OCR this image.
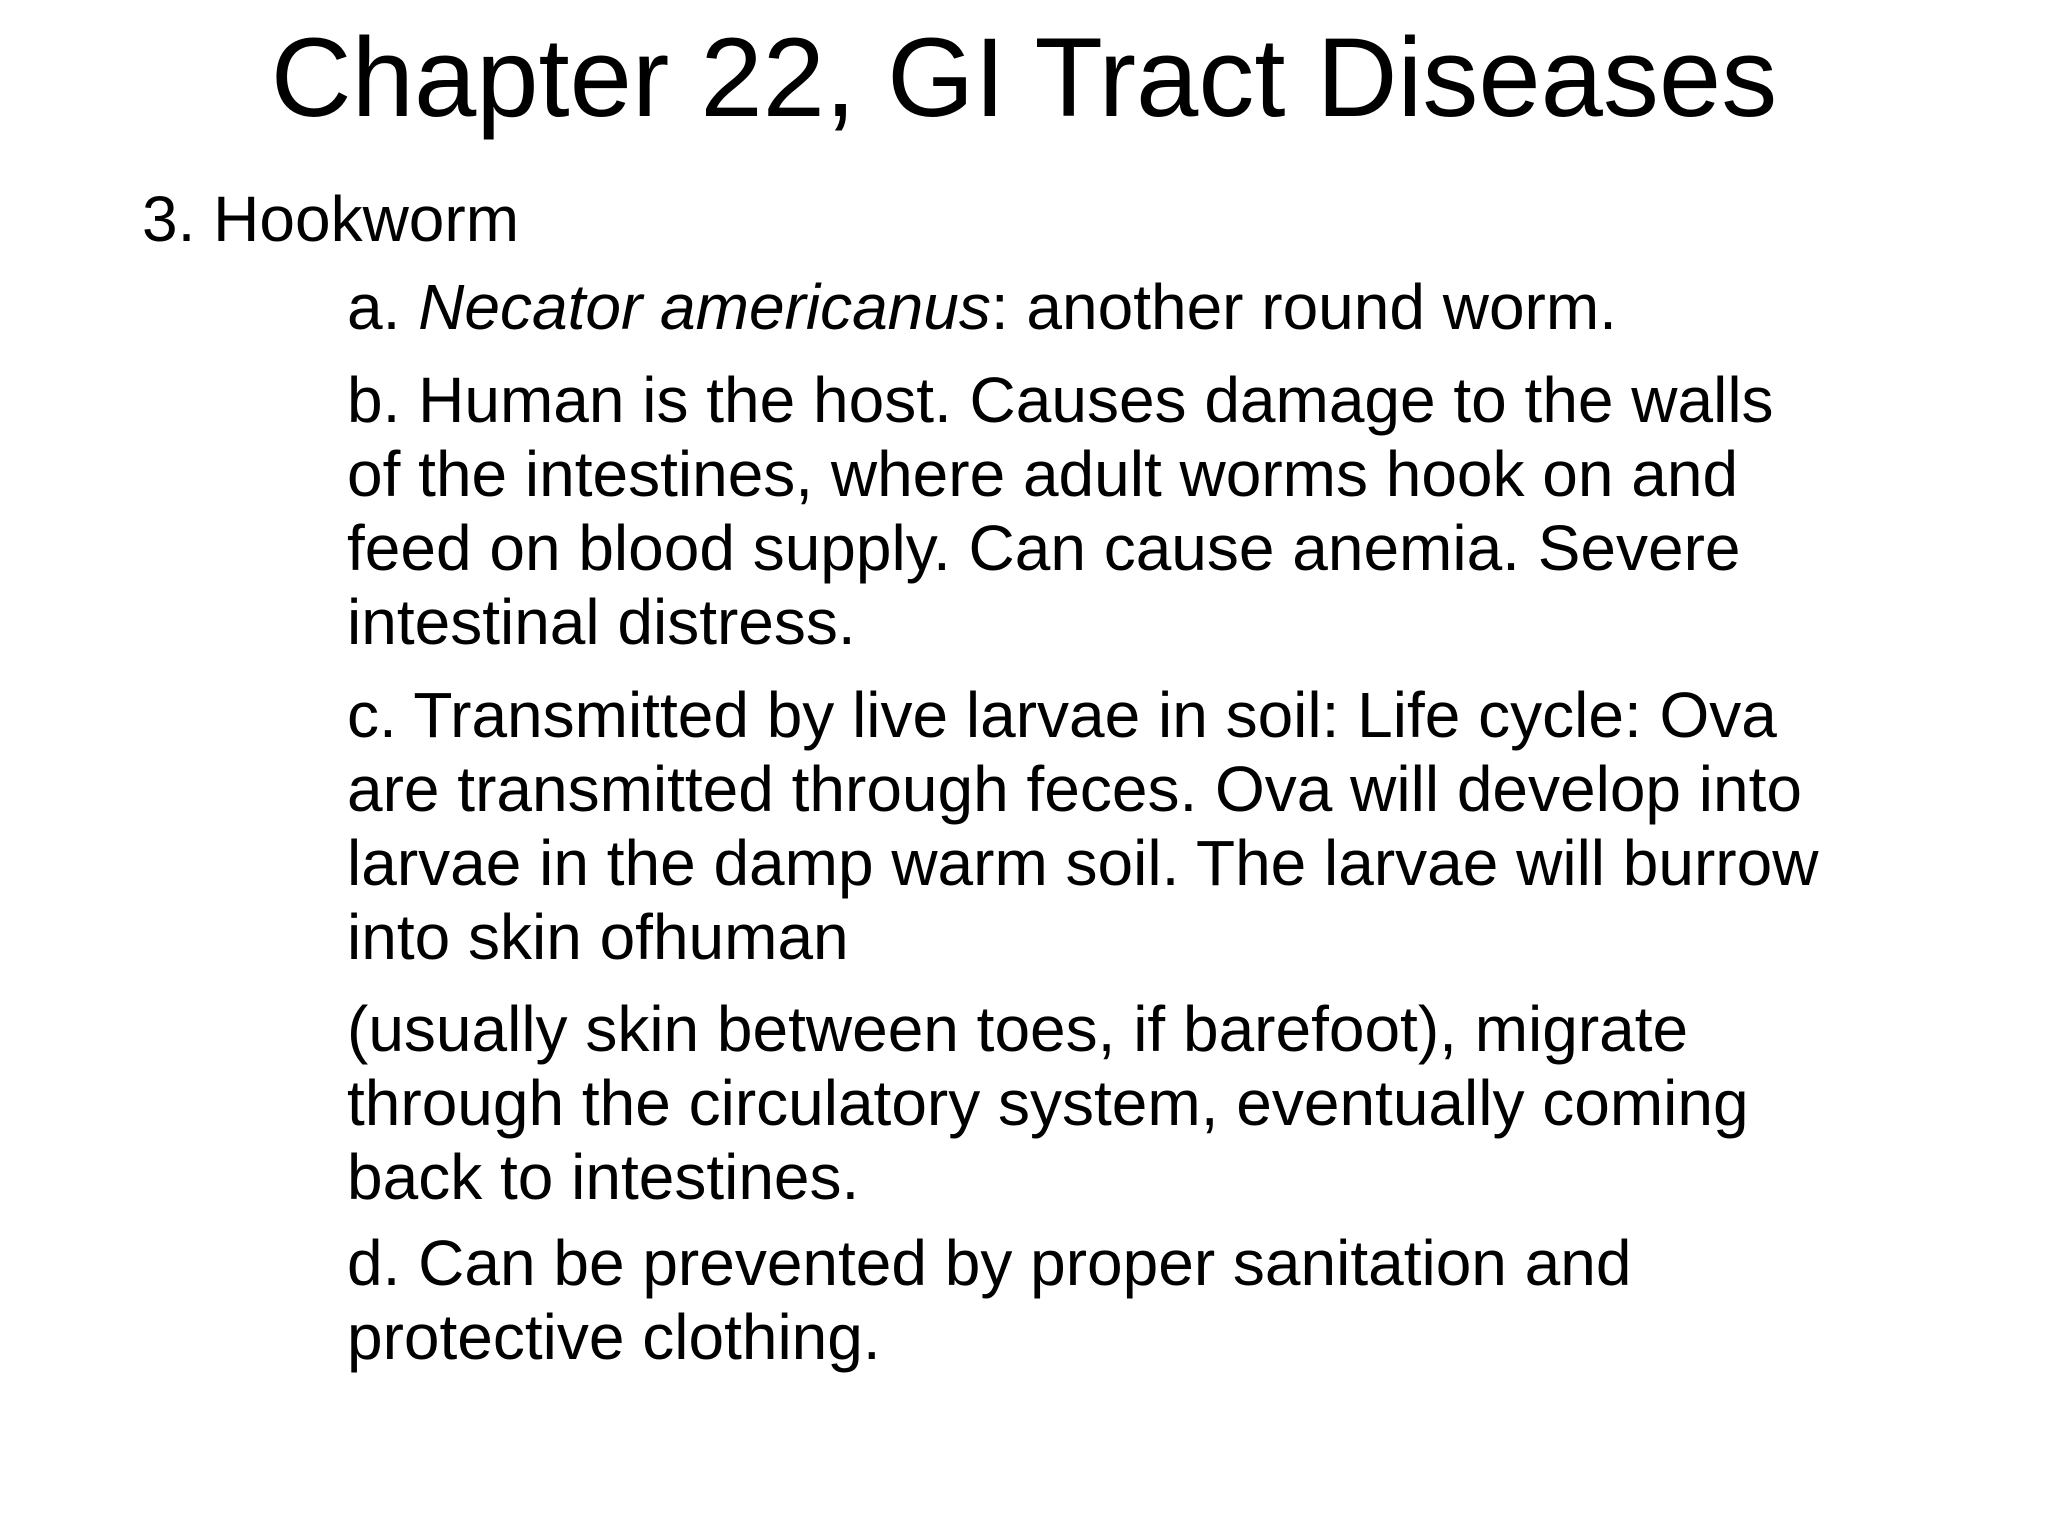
Chapter 22, GI Tract Diseases

3. Hookworm

a. Necator americanus: another round worm.

b. Human is the host. Causes damage to the walls
of the intestines, where adult worms hook on and
feed on blood supply. Can cause anemia. Severe
intestinal distress.

c. Transmitted by live larvae in soil: Life cycle: Ova
are transmitted through feces. Ova will develop into
larvae in the damp warm soil. The larvae will burrow
into skin ofhuman

(usually skin between toes, if barefoot), migrate
through the circulatory system, eventually coming
back to intestines.

d. Can be prevented by proper sanitation and
protective clothing.
